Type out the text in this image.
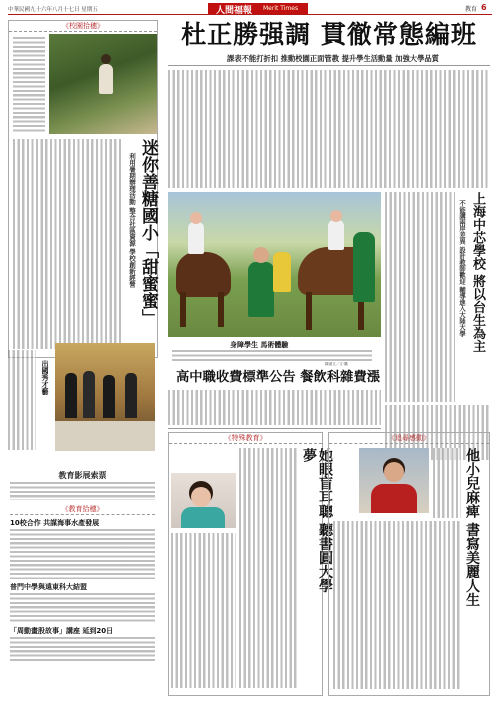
中華民國九十六年八月十七日 星期五	人間福報 Merit Times	教育 6
《校園拾穗》
迷你善糖國小「甜蜜蜜」
利用暑期辦理活動 整合社區資源 學校創新經營
出國秀才藝
杜正勝强調 貫徹常態編班
課表不能打折扣 推動校園正面管教 提升學生活動量 加強大學品質
上海中芯學校 將以台生為主
不能講兩岸差異 設計教師歡迎 輔導進入大陸大學
身障學生 馬術體驗
陳淑文／文‧攝
高中職收費標準公告 餐飲科雜費漲
教育影展索票
《教育拾穗》
10校合作 共謀海事水產發展
普門中學與遠東科大結盟
「周動畫股故事」講座 延到20日
《特殊教育》
她眼盲耳聰 聽書圓大學夢
《追尋感動》
他小兒麻痺 書寫美麗人生
